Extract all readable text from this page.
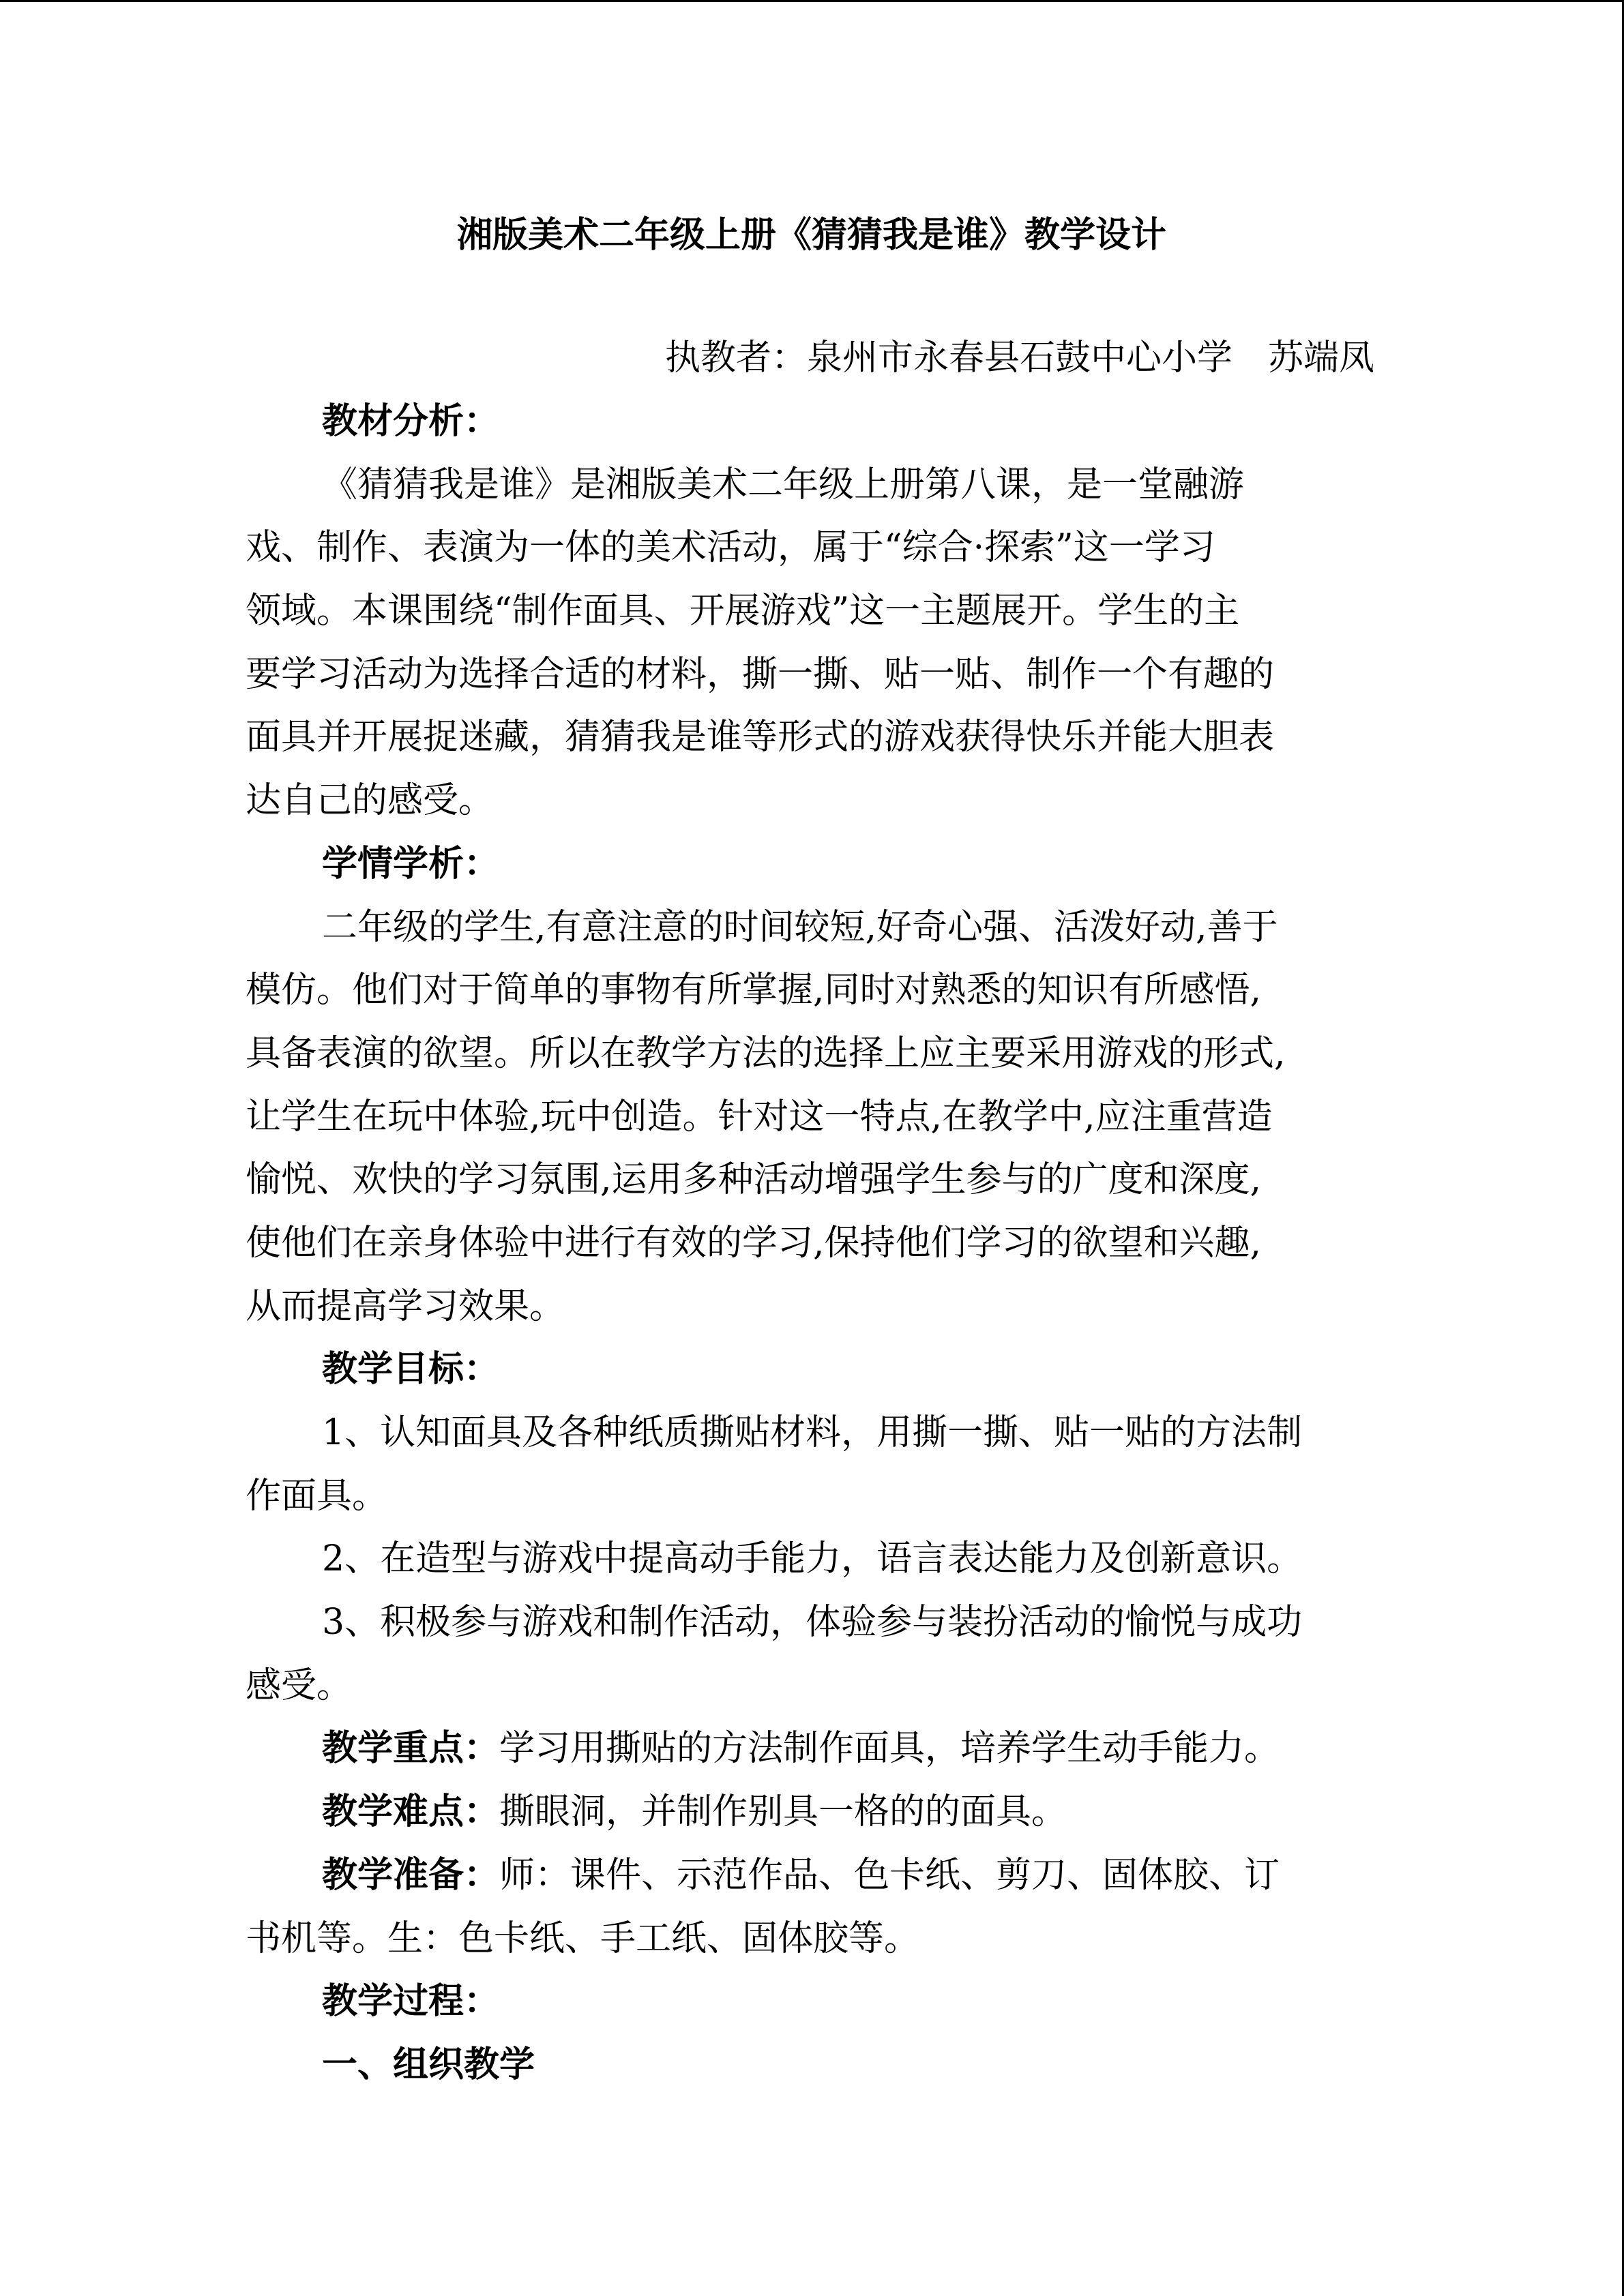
湘版美术二年级上册《猜猜我是谁》教学设计
执教者：泉州市永春县石鼓中心小学　苏端凤
教材分析：
《猜猜我是谁》是湘版美术二年级上册第八课，是一堂融游
戏、制作、表演为一体的美术活动，属于“综合·探索”这一学习
领域。本课围绕“制作面具、开展游戏”这一主题展开。学生的主
要学习活动为选择合适的材料，撕一撕、贴一贴、制作一个有趣的
面具并开展捉迷藏，猜猜我是谁等形式的游戏获得快乐并能大胆表
达自己的感受。
学情学析：
二年级的学生,有意注意的时间较短,好奇心强、活泼好动,善于
模仿。他们对于简单的事物有所掌握,同时对熟悉的知识有所感悟,
具备表演的欲望。所以在教学方法的选择上应主要采用游戏的形式,
让学生在玩中体验,玩中创造。针对这一特点,在教学中,应注重营造
愉悦、欢快的学习氛围,运用多种活动增强学生参与的广度和深度,
使他们在亲身体验中进行有效的学习,保持他们学习的欲望和兴趣,
从而提高学习效果。
教学目标：
1、认知面具及各种纸质撕贴材料，用撕一撕、贴一贴的方法制
作面具。
2、在造型与游戏中提高动手能力，语言表达能力及创新意识。
3、积极参与游戏和制作活动，体验参与装扮活动的愉悦与成功
感受。
教学重点：学习用撕贴的方法制作面具，培养学生动手能力。
教学难点：撕眼洞，并制作别具一格的的面具。
教学准备：师：课件、示范作品、色卡纸、剪刀、固体胶、订
书机等。生：色卡纸、手工纸、固体胶等。
教学过程：
一、组织教学
